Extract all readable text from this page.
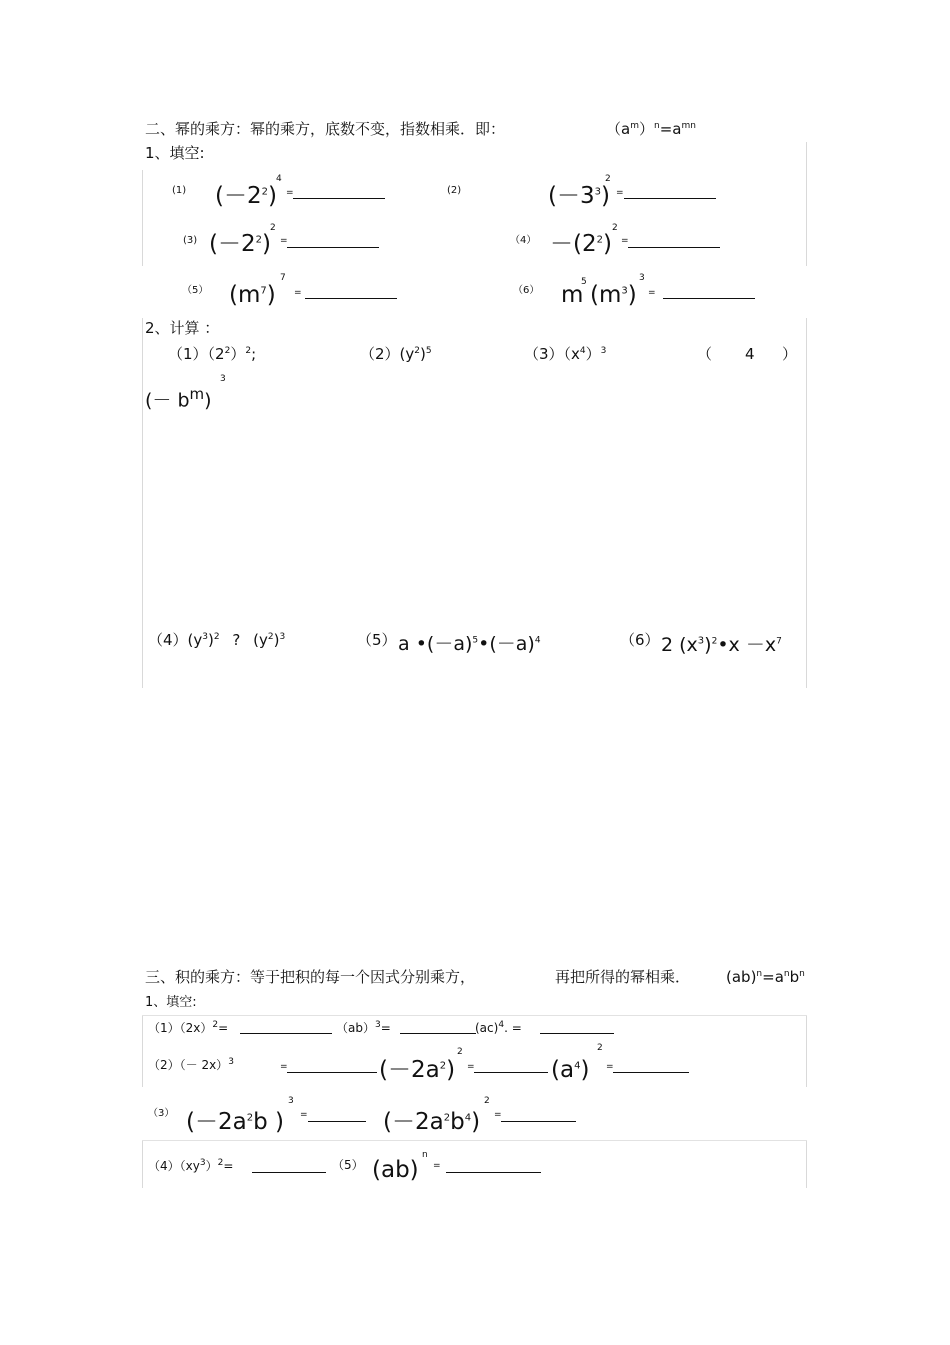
二、幂的乘方：幂的乘方，底数不变，指数相乘．即：	$(a^m)^n=a^{mn}$
1、填空:
(1) $(-2^2)$
4
=	(2)	$(-3^3)$
2
=
(3) $(-2^2)$
2
=	$(4) -(2^2)$
2
=
（5） $(m^7)$
7
=	（6） m
5 $(m^3)$
3
=
2、计算 ：
$(1)(2^2)^2$;	$(2)(y^2)^5$	$(3)(x^4)^3$	（ 4 ）
(－ $b^m$)
3
$(4)(y^3)^2$ ? $(y^2)^3$	（5） a $•(-a)^5•(-a)^4$	（6） 2 $(x^3)^2•x -x^7$
三、积的乘方：等于把积的每一个因式分别乘方，	再把所得的幂相乘． $(ab)^n=a^nb^n$
1、填空:
$(1)(2x)^2=$	（ab）$^3$=	(ac)$^4$. =
$(2)(- 2x)^3$	=	$(-2a^2)$
2
=	$(a^4)$
2
=
（3） ($-2a^2b$ )
3
=	$(-2a^2b^4)$
2
=
$(4)(xy^3)^2=$	（5） (ab)
n
=
